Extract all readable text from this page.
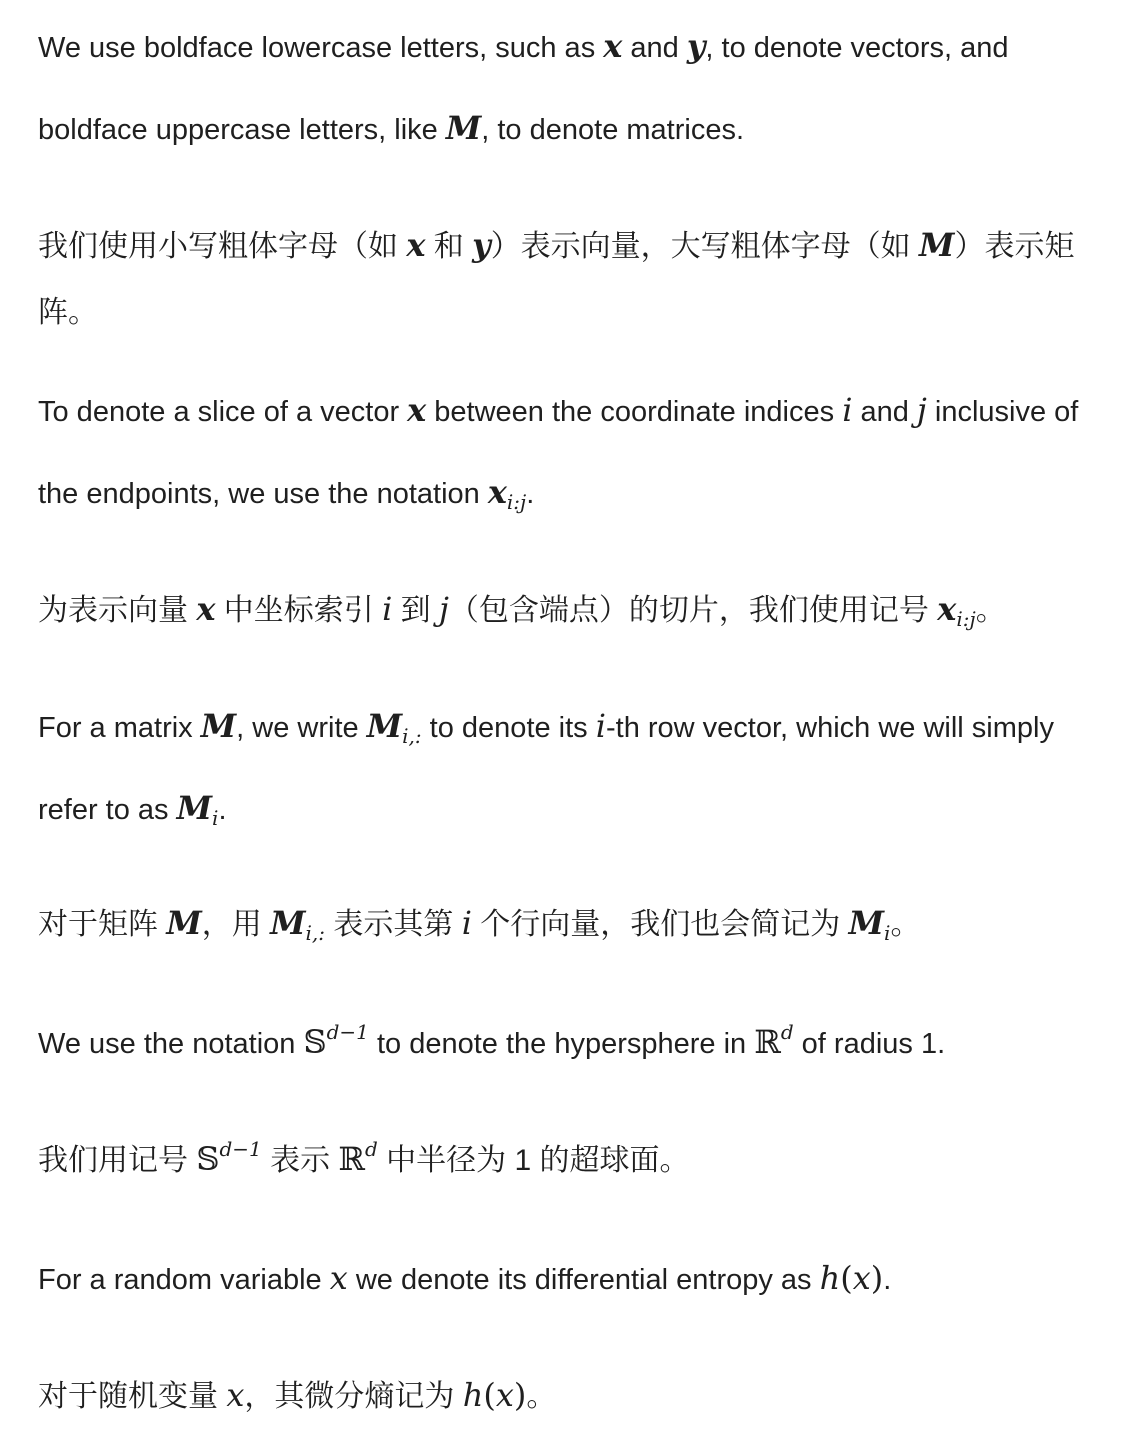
We use boldface lowercase letters, such as x and y, to denote vectors, and boldface uppercase letters, like M, to denote matrices.

我们使用小写粗体字母（如 x 和 y）表示向量，大写粗体字母（如 M）表示矩阵。

To denote a slice of a vector x between the coordinate indices i and j inclusive of the endpoints, we use the notation $x_{i:j}$.

为表示向量 x 中坐标索引 i 到 j（包含端点）的切片，我们使用记号 $x_{i:j}$。

For a matrix M, we write $M_{i,:}$ to denote its i-th row vector, which we will simply refer to as $M_i$.

对于矩阵 M，用 $M_{i,:}$ 表示其第 i 个行向量，我们也会简记为 $M_i$。

We use the notation 𝕊$^{d-1}$ to denote the hypersphere in ℝ$^d$ of radius 1.

我们用记号 𝕊$^{d-1}$ 表示 ℝ$^d$ 中半径为 1 的超球面。

For a random variable x we denote its differential entropy as h(x).

对于随机变量 x，其微分熵记为 h(x)。
